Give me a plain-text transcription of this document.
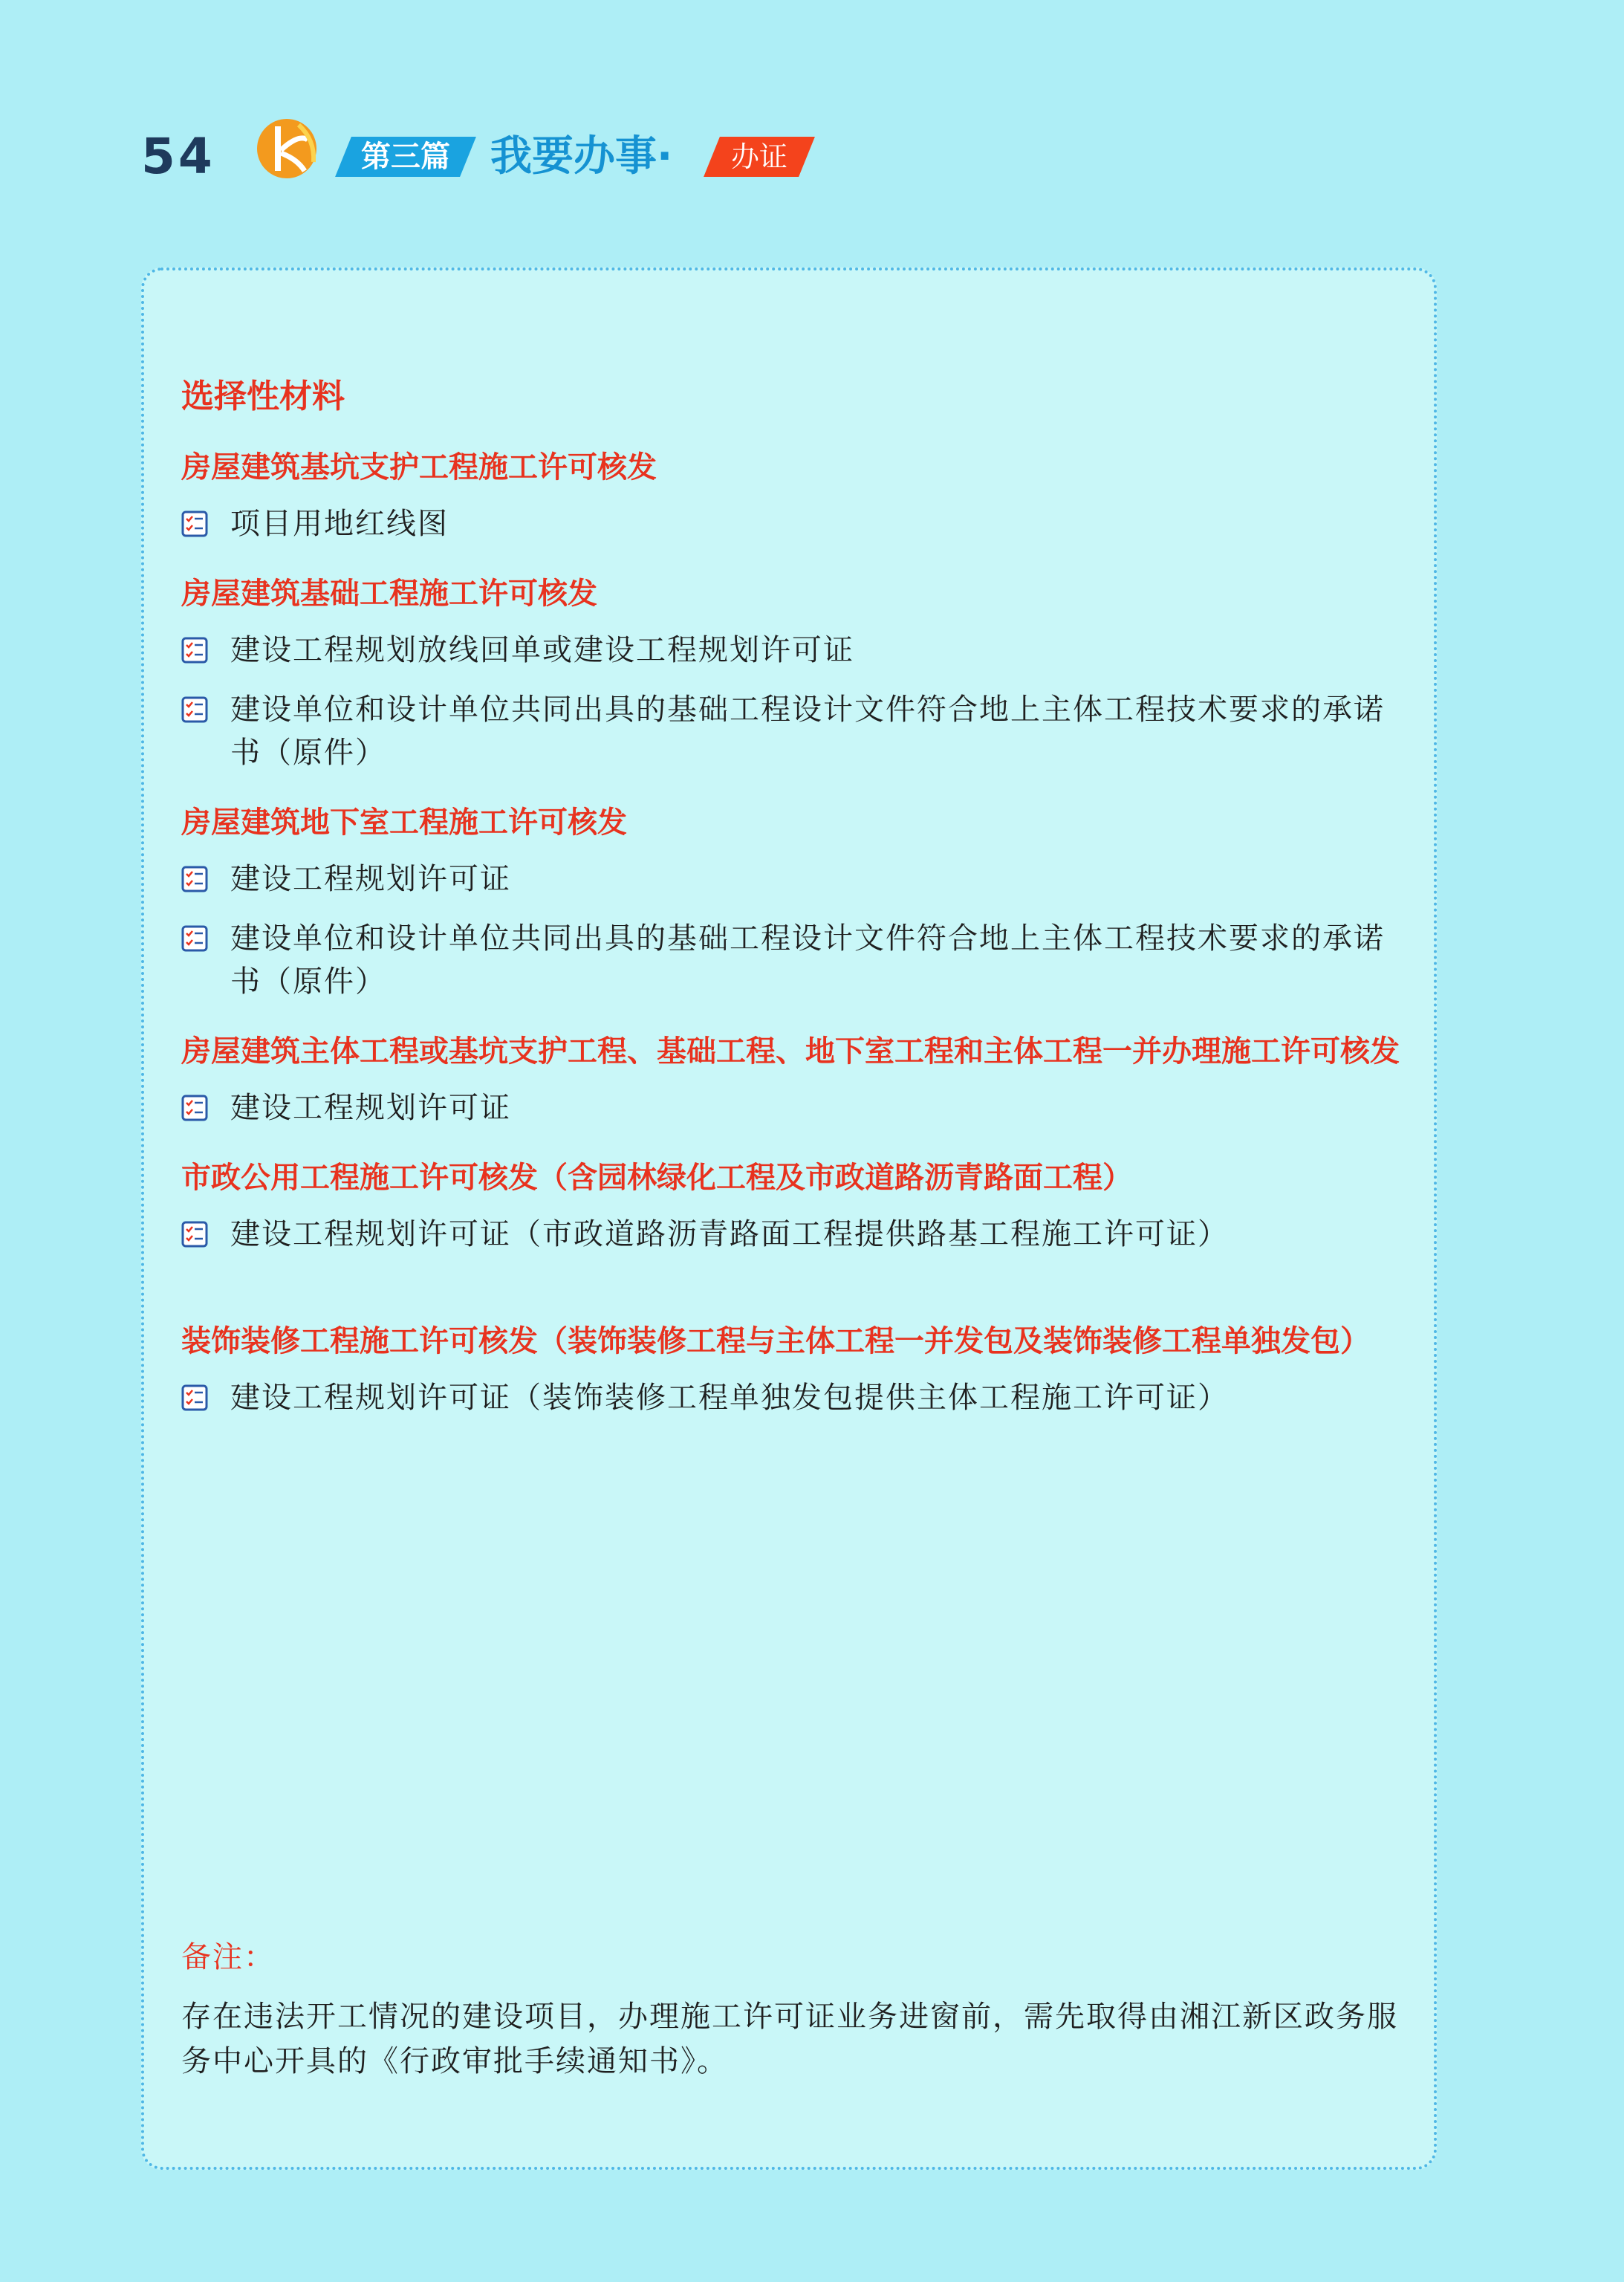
54	第三篇 我要办事·	办证
选择性材料
房屋建筑基坑支护工程施工许可核发
项目用地红线图
房屋建筑基础工程施工许可核发
建设工程规划放线回单或建设工程规划许可证
建设单位和设计单位共同出具的基础工程设计文件符合地上主体工程技术要求的承诺书（原件）
房屋建筑地下室工程施工许可核发
建设工程规划许可证
建设单位和设计单位共同出具的基础工程设计文件符合地上主体工程技术要求的承诺书（原件）
房屋建筑主体工程或基坑支护工程、基础工程、地下室工程和主体工程一并办理施工许可核发
建设工程规划许可证
市政公用工程施工许可核发（含园林绿化工程及市政道路沥青路面工程）
建设工程规划许可证（市政道路沥青路面工程提供路基工程施工许可证）
装饰装修工程施工许可核发（装饰装修工程与主体工程一并发包及装饰装修工程单独发包）
建设工程规划许可证（装饰装修工程单独发包提供主体工程施工许可证）
备注：
存在违法开工情况的建设项目，办理施工许可证业务进窗前，需先取得由湘江新区政务服务中心开具的《行政审批手续通知书》。
